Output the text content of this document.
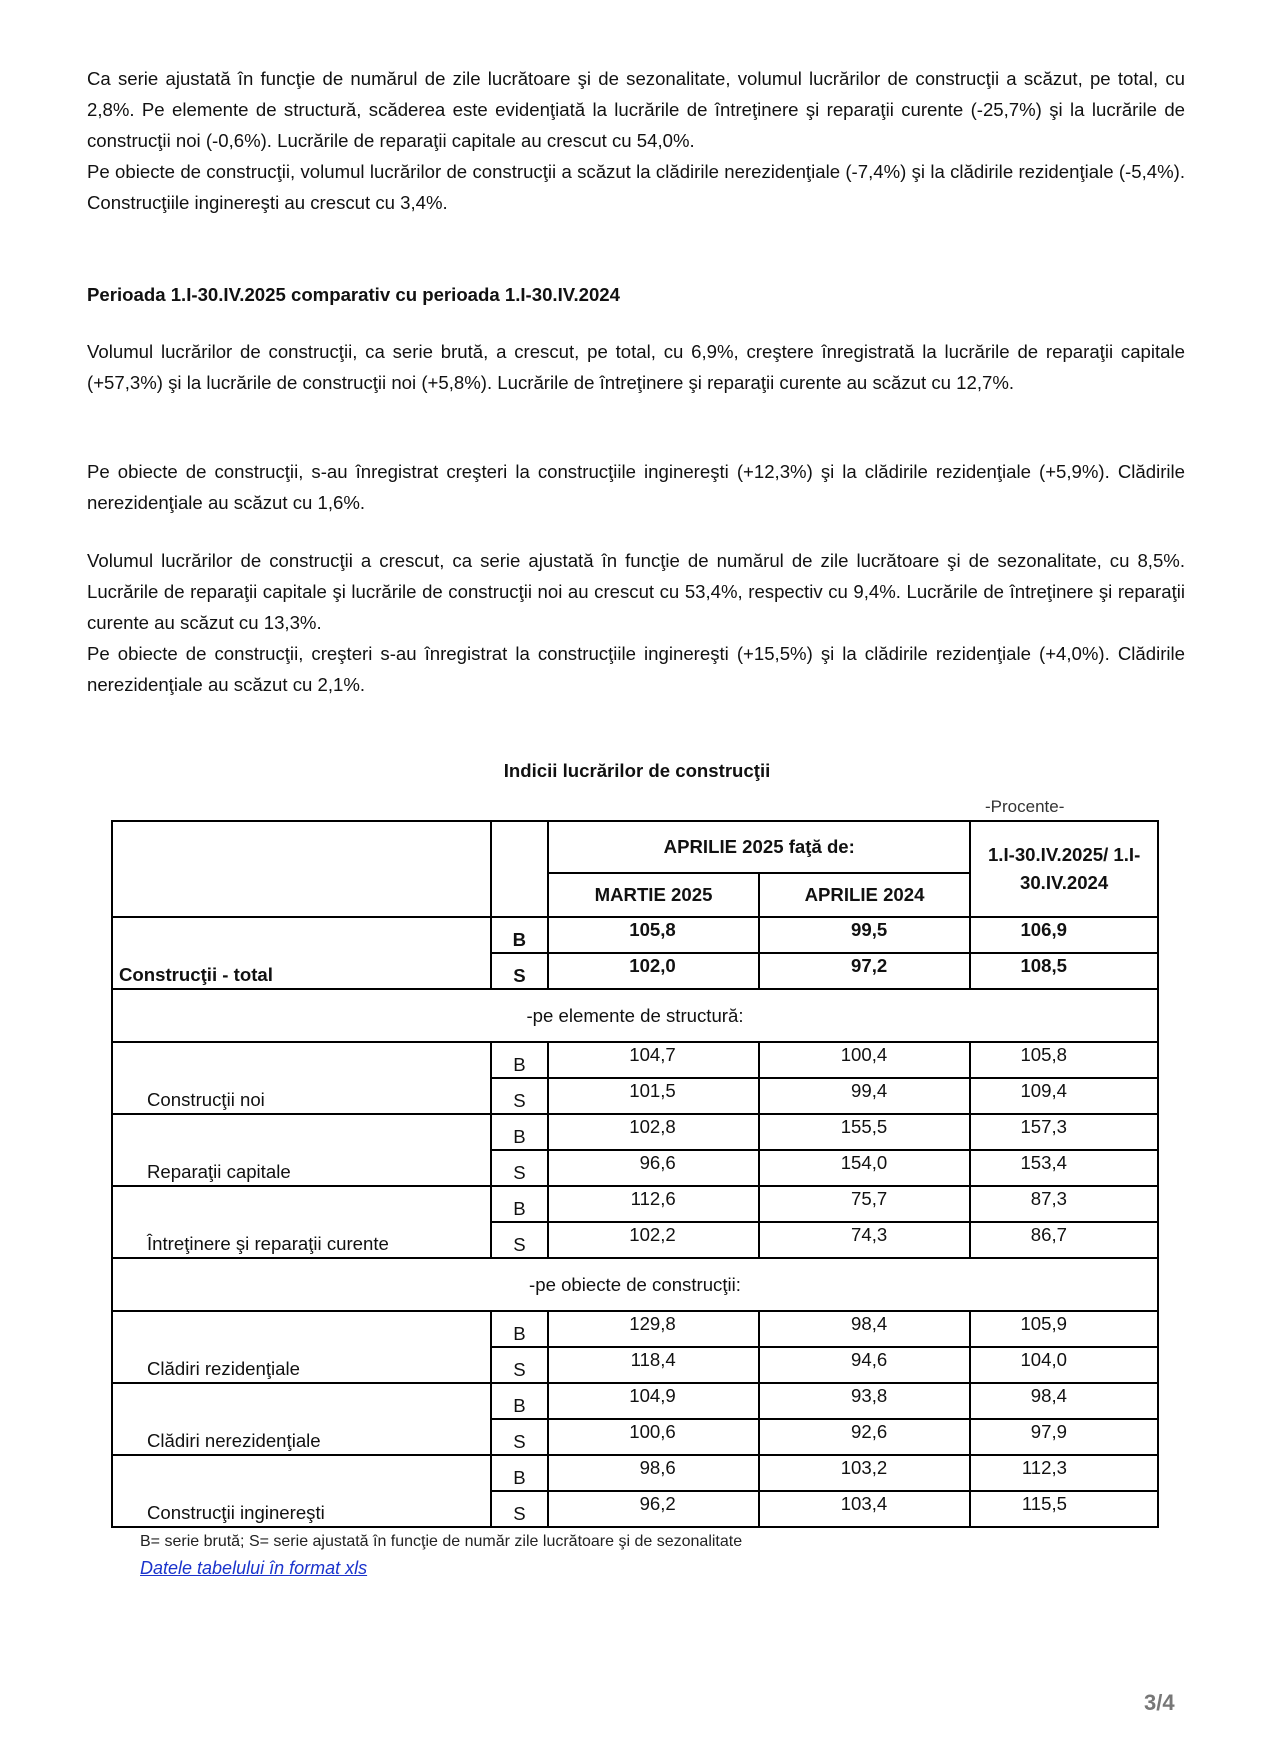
Ca serie ajustată în funcţie de numărul de zile lucrătoare şi de sezonalitate, volumul lucrărilor de construcţii a scăzut, pe total, cu 2,8%. Pe elemente de structură, scăderea este evidenţiată la lucrările de întreţinere şi reparaţii curente (-25,7%) şi la lucrările de construcţii noi (-0,6%). Lucrările de reparaţii capitale au crescut cu 54,0%.

Pe obiecte de construcţii, volumul lucrărilor de construcţii a scăzut la clădirile nerezidenţiale (-7,4%) şi la clădirile rezidenţiale (-5,4%). Construcţiile inginereşti au crescut cu 3,4%.

Perioada 1.I-30.IV.2025 comparativ cu perioada 1.I-30.IV.2024

Volumul lucrărilor de construcţii, ca serie brută, a crescut, pe total, cu 6,9%, creştere înregistrată la lucrările de reparaţii capitale (+57,3%) şi la lucrările de construcţii noi (+5,8%). Lucrările de întreţinere şi reparaţii curente au scăzut cu 12,7%.

Pe obiecte de construcţii, s-au înregistrat creşteri la construcţiile inginereşti (+12,3%) şi la clădirile rezidenţiale (+5,9%). Clădirile nerezidenţiale au scăzut cu 1,6%.

Volumul lucrărilor de construcţii a crescut, ca serie ajustată în funcţie de numărul de zile lucrătoare şi de sezonalitate, cu 8,5%. Lucrările de reparaţii capitale şi lucrările de construcţii noi au crescut cu 53,4%, respectiv cu 9,4%. Lucrările de întreţinere şi reparaţii curente au scăzut cu 13,3%.

Pe obiecte de construcţii, creşteri s-au înregistrat la construcţiile inginereşti (+15,5%) şi la clădirile rezidenţiale (+4,0%). Clădirile nerezidenţiale au scăzut cu 2,1%.

Indicii lucrărilor de construcţii
-Procente-
		APRILIE 2025 faţă de:		1.I-30.IV.2025/ 1.I-30.IV.2024
		MARTIE 2025	APRILIE 2024	
Construcţii - total	B	105,8	99,5	106,9
	S	102,0	97,2	108,5
-pe elemente de structură:				
Construcţii noi	B	104,7	100,4	105,8
	S	101,5	99,4	109,4
Reparaţii capitale	B	102,8	155,5	157,3
	S	96,6	154,0	153,4
Întreţinere şi reparaţii curente	B	112,6	75,7	87,3
	S	102,2	74,3	86,7
-pe obiecte de construcţii:				
Clădiri rezidenţiale	B	129,8	98,4	105,9
	S	118,4	94,6	104,0
Clădiri nerezidenţiale	B	104,9	93,8	98,4
	S	100,6	92,6	97,9
Construcţii inginereşti	B	98,6	103,2	112,3
	S	96,2	103,4	115,5
B= serie brută; S= serie ajustată în funcţie de număr zile lucrătoare şi de sezonalitate
Datele tabelului în format xls
3/4
